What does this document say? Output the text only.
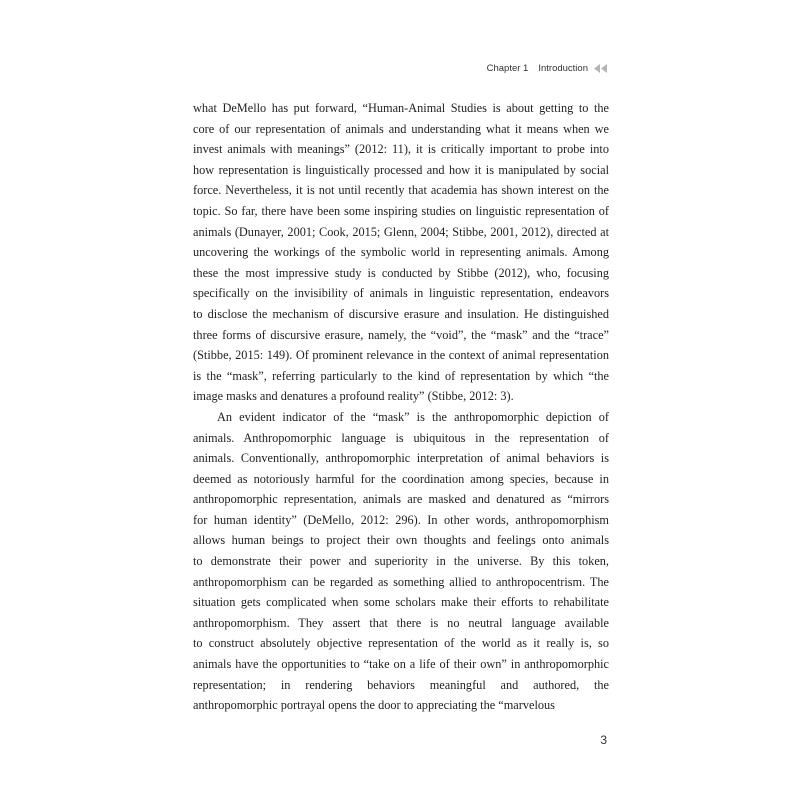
Chapter 1 Introduction
what DeMello has put forward, “Human-Animal Studies is about getting to the
core of our representation of animals and understanding what it means when we
invest animals with meanings” (2012: 11), it is critically important to probe into
how representation is linguistically processed and how it is manipulated by social
force. Nevertheless, it is not until recently that academia has shown interest on the
topic. So far, there have been some inspiring studies on linguistic representation of
animals (Dunayer, 2001; Cook, 2015; Glenn, 2004; Stibbe, 2001, 2012), directed at
uncovering the workings of the symbolic world in representing animals. Among
these the most impressive study is conducted by Stibbe (2012), who, focusing
specifically on the invisibility of animals in linguistic representation, endeavors
to disclose the mechanism of discursive erasure and insulation. He distinguished
three forms of discursive erasure, namely, the “void”, the “mask” and the “trace”
(Stibbe, 2015: 149). Of prominent relevance in the context of animal representation
is the “mask”, referring particularly to the kind of representation by which “the
image masks and denatures a profound reality” (Stibbe, 2012: 3).
An evident indicator of the “mask” is the anthropomorphic depiction of
animals. Anthropomorphic language is ubiquitous in the representation of
animals. Conventionally, anthropomorphic interpretation of animal behaviors is
deemed as notoriously harmful for the coordination among species, because in
anthropomorphic representation, animals are masked and denatured as “mirrors
for human identity” (DeMello, 2012: 296). In other words, anthropomorphism
allows human beings to project their own thoughts and feelings onto animals
to demonstrate their power and superiority in the universe. By this token,
anthropomorphism can be regarded as something allied to anthropocentrism. The
situation gets complicated when some scholars make their efforts to rehabilitate
anthropomorphism. They assert that there is no neutral language available
to construct absolutely objective representation of the world as it really is, so
animals have the opportunities to “take on a life of their own” in anthropomorphic
representation; in rendering behaviors meaningful and authored, the
anthropomorphic portrayal opens the door to appreciating the “marvelous
3
